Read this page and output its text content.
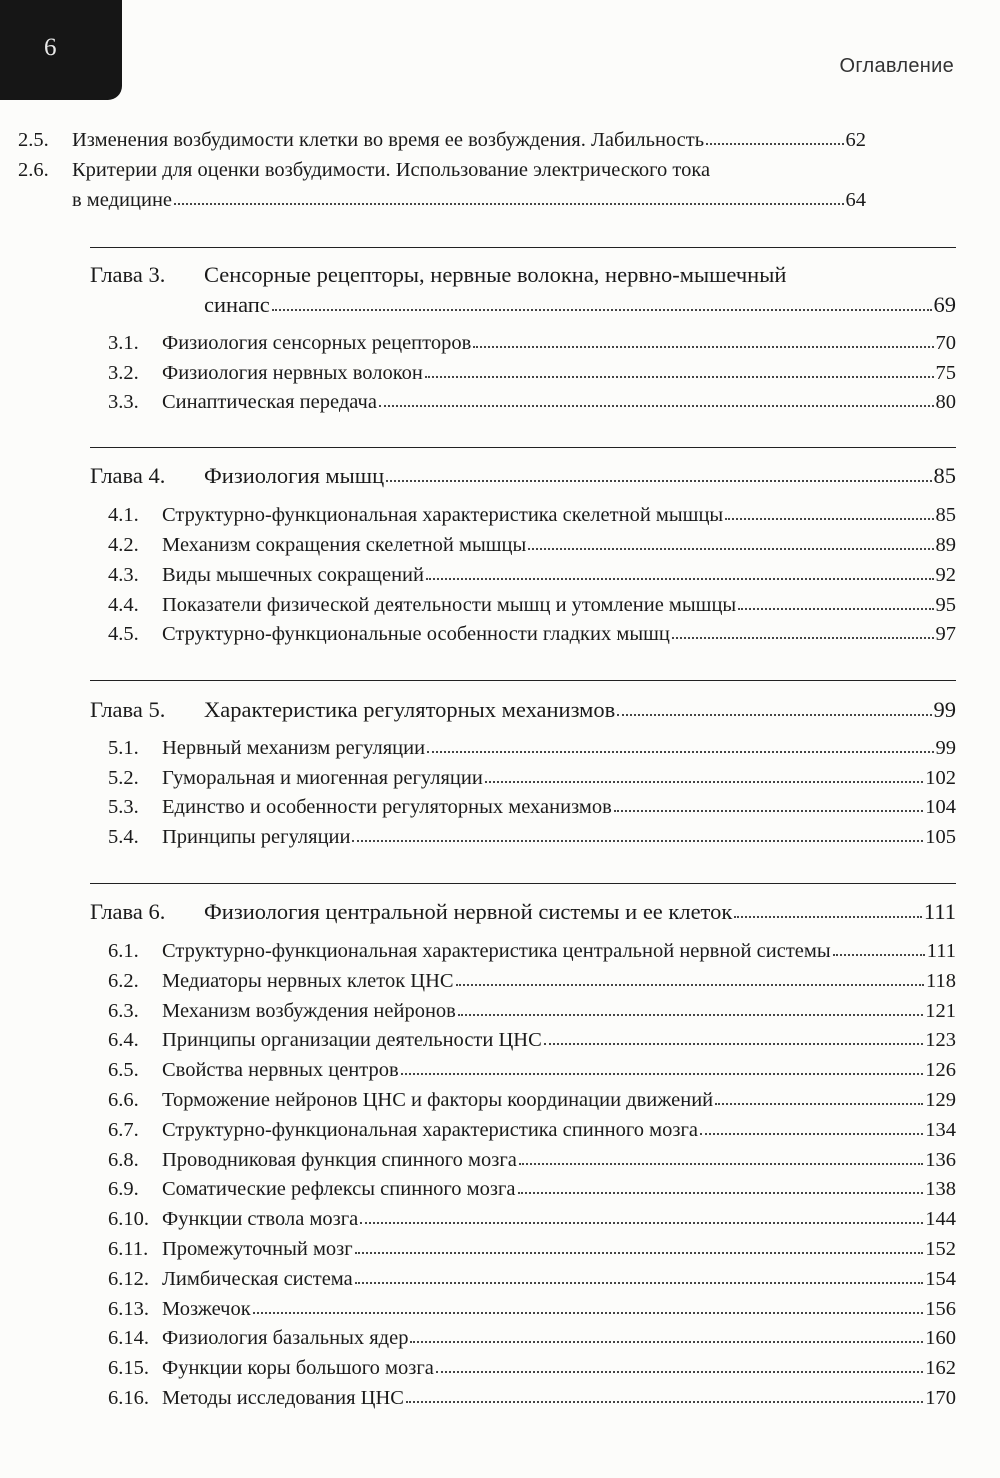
6
Оглавление
2.5.	Изменения возбудимости клетки во время ее возбуждения. Лабильность	62
2.6.	Критерии для оценки возбудимости. Использование электрического тока
в медицине	64
Глава 3.	Сенсорные рецепторы, нервные волокна, нервно-мышечный
синапс	69
3.1.	Физиология сенсорных рецепторов	70
3.2.	Физиология нервных волокон	75
3.3.	Синаптическая передача	80
Глава 4.	Физиология мышц	85
4.1.	Структурно-функциональная характеристика скелетной мышцы	85
4.2.	Механизм сокращения скелетной мышцы	89
4.3.	Виды мышечных сокращений	92
4.4.	Показатели физической деятельности мышц и утомление мышцы	95
4.5.	Структурно-функциональные особенности гладких мышц	97
Глава 5.	Характеристика регуляторных механизмов	99
5.1.	Нервный механизм регуляции	99
5.2.	Гуморальная и миогенная регуляции	102
5.3.	Единство и особенности регуляторных механизмов	104
5.4.	Принципы регуляции	105
Глава 6.	Физиология центральной нервной системы и ее клеток	111
6.1.	Структурно-функциональная характеристика центральной нервной системы	111
6.2.	Медиаторы нервных клеток ЦНС	118
6.3.	Механизм возбуждения нейронов	121
6.4.	Принципы организации деятельности ЦНС	123
6.5.	Свойства нервных центров	126
6.6.	Торможение нейронов ЦНС и факторы координации движений	129
6.7.	Структурно-функциональная характеристика спинного мозга	134
6.8.	Проводниковая функция спинного мозга	136
6.9.	Соматические рефлексы спинного мозга	138
6.10. Функции ствола мозга	144
6.11. Промежуточный мозг	152
6.12. Лимбическая система	154
6.13. Мозжечок	156
6.14. Физиология базальных ядер	160
6.15. Функции коры большого мозга	162
6.16. Методы исследования ЦНС	170
